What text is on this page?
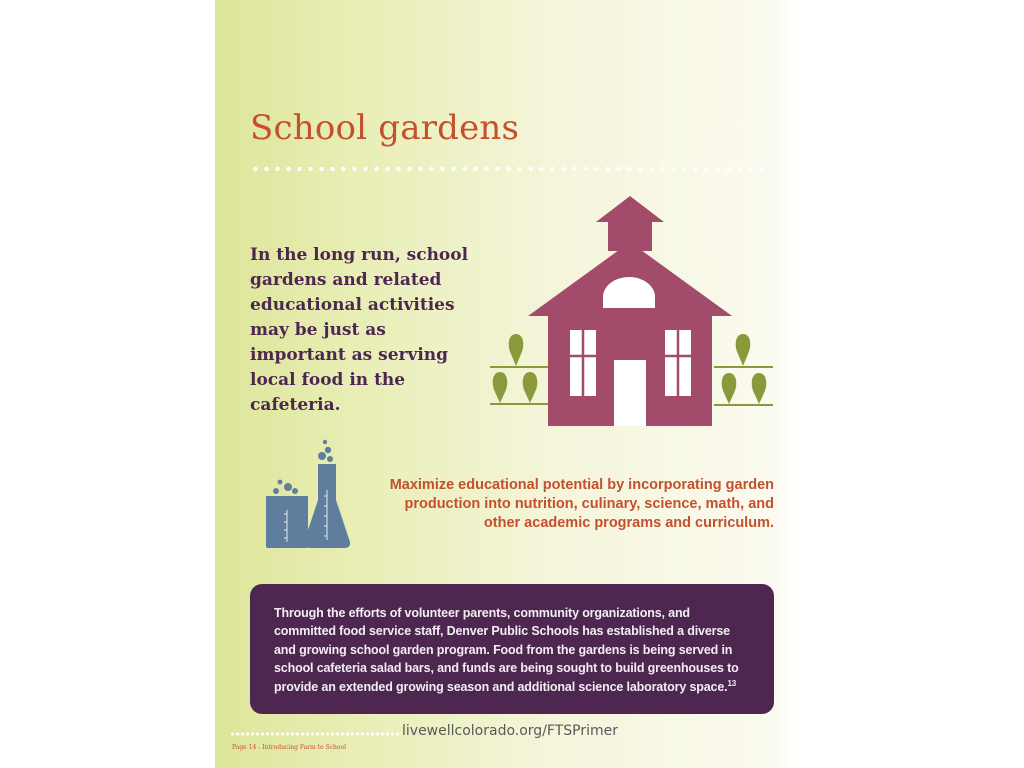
School gardens

In the long run, school gardens and related educational activities may be just as important as serving local food in the cafeteria.

Maximize educational potential by incorporating garden production into nutrition, culinary, science, math, and other academic programs and curriculum.

Through the efforts of volunteer parents, community organizations, and committed food service staff, Denver Public Schools has established a diverse and growing school garden program. Food from the gardens is being served in school cafeteria salad bars, and funds are being sought to build greenhouses to provide an extended growing season and additional science laboratory space.$^{13}$

Page 14 - Introducing Farm to School

livewellcolorado.org/FTSPrimer
